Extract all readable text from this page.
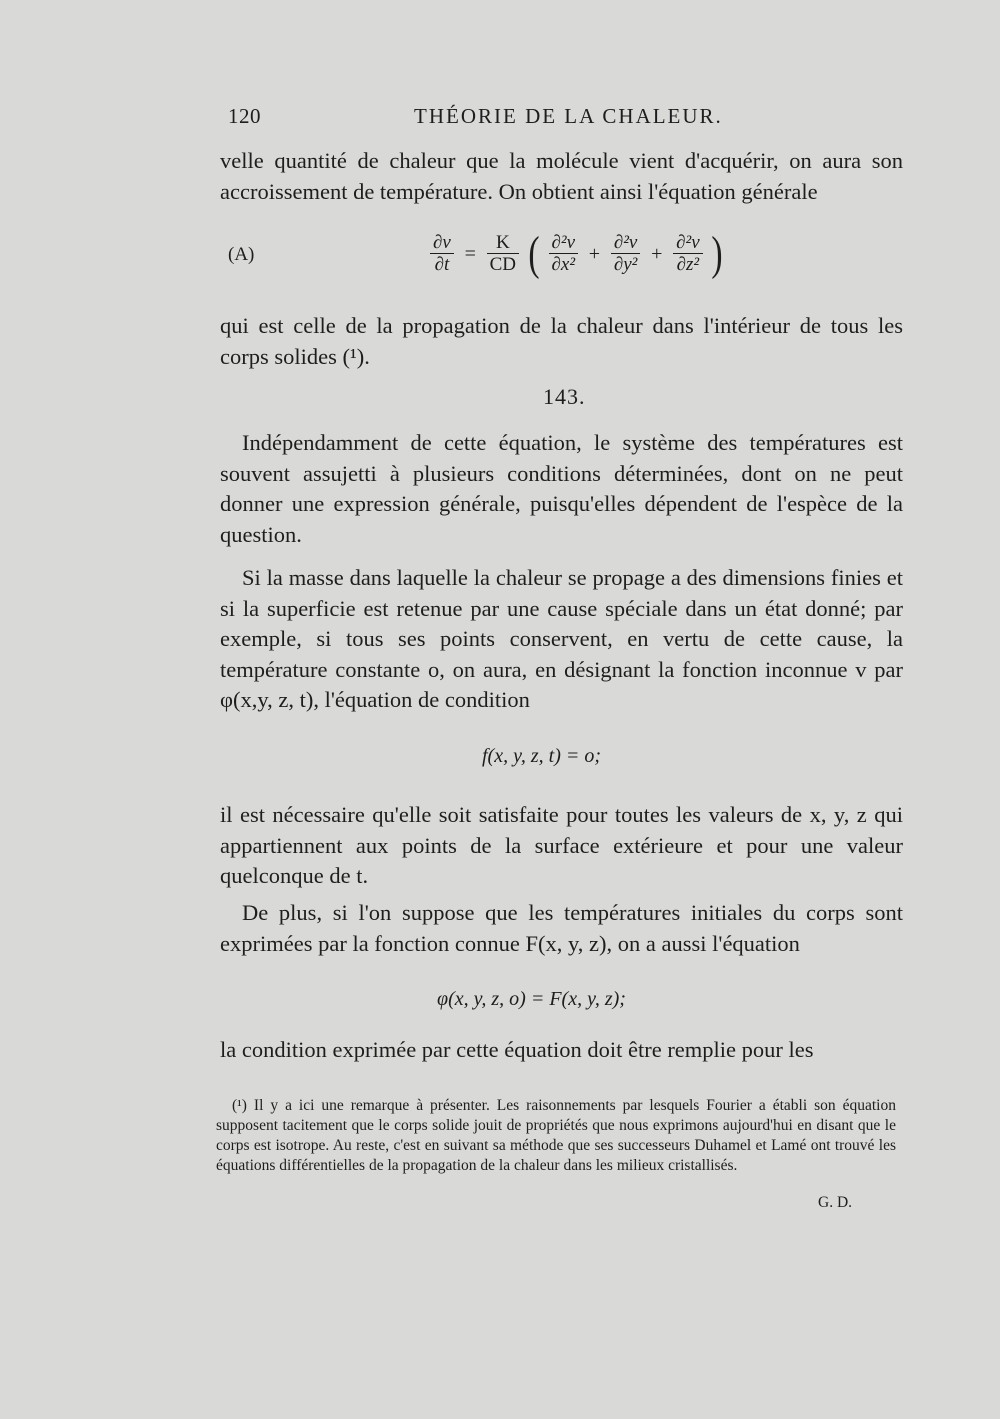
120	THÉORIE DE LA CHALEUR.

velle quantité de chaleur que la molécule vient d'acquérir, on aura son accroissement de température. On obtient ainsi l'équation générale

(A)	$\frac{\partial v}{\partial t} = \frac{K}{CD}$ ( $\frac{\text{∂²v}}{\text{∂x²}} + \frac{\text{∂²v}}{\text{∂y²}} + \frac{\text{∂²v}}{\text{∂z²}}$ )

qui est celle de la propagation de la chaleur dans l'intérieur de tous les corps solides (¹).

143.

Indépendamment de cette équation, le système des températures est souvent assujetti à plusieurs conditions déterminées, dont on ne peut donner une expression générale, puisqu'elles dépendent de l'espèce de la question.

Si la masse dans laquelle la chaleur se propage a des dimensions finies et si la superficie est retenue par une cause spéciale dans un état donné; par exemple, si tous ses points conservent, en vertu de cette cause, la température constante o, on aura, en désignant la fonction inconnue v par φ(x,y, z, t), l'équation de condition

f(x, y, z, t) = o;

il est nécessaire qu'elle soit satisfaite pour toutes les valeurs de x, y, z qui appartiennent aux points de la surface extérieure et pour une valeur quelconque de t.

De plus, si l'on suppose que les températures initiales du corps sont exprimées par la fonction connue F(x, y, z), on a aussi l'équation

φ(x, y, z, o) = F(x, y, z);

la condition exprimée par cette équation doit être remplie pour les

(¹) Il y a ici une remarque à présenter. Les raisonnements par lesquels Fourier a établi son équation supposent tacitement que le corps solide jouit de propriétés que nous exprimons aujourd'hui en disant que le corps est isotrope. Au reste, c'est en suivant sa méthode que ses successeurs Duhamel et Lamé ont trouvé les équations différentielles de la propagation de la chaleur dans les milieux cristallisés.

G. D.
